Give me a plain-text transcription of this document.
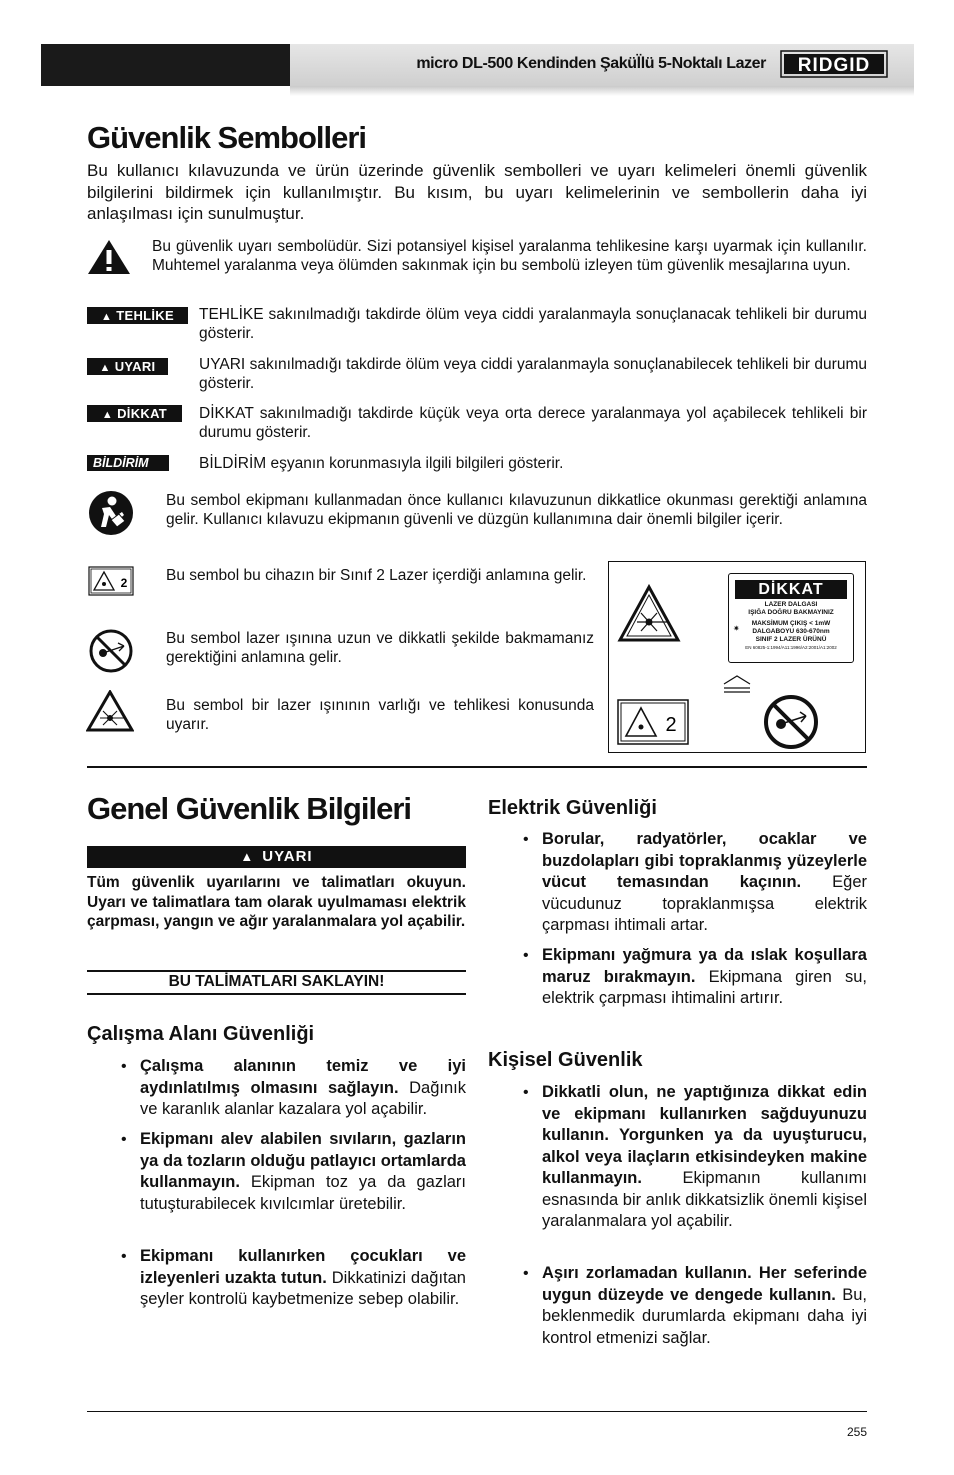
micro DL-500 Kendinden Şakül̈lü 5-Noktalı Lazer RIDGID
Güvenlik Sembolleri

Bu kullanıcı kılavuzunda ve ürün üzerinde güvenlik sembolleri ve uyarı kelimeleri önemli güvenlik bilgilerini bildirmek için kullanılmıştır. Bu kısım, bu uyarı kelimelerinin ve sembollerin daha iyi anlaşılması için sunulmuştur.

Bu güvenlik uyarı sembolüdür. Sizi potansiyel kişisel yaralanma tehlikesine karşı uyarmak için kullanılır. Muhtemel yaralanma veya ölümden sakınmak için bu sembolü izleyen tüm güvenlik mesajlarına uyun.

▲ TEHLİKE	TEHLİKE sakınılmadığı takdirde ölüm veya ciddi yaralanmayla sonuçlanacak tehlikeli bir durumu gösterir.

▲ UYARI	UYARI sakınılmadığı takdirde ölüm veya ciddi yaralanmayla sonuçlanabilecek tehlikeli bir durumu gösterir.

▲ DİKKAT	DİKKAT sakınılmadığı takdirde küçük veya orta derece yaralanmaya yol açabilecek tehlikeli bir durumu gösterir.

BİLDİRİM	BİLDİRİM eşyanın korunmasıyla ilgili bilgileri gösterir.

Bu sembol ekipmanı kullanmadan önce kullanıcı kılavuzunun dikkatlice okunması gerektiği anlamına gelir. Kullanıcı kılavuzu ekipmanın güvenli ve düzgün kullanımına dair önemli bilgiler içerir.

2 Bu sembol bu cihazın bir Sınıf 2 Lazer içerdiği anlamına gelir.

Bu sembol lazer ışınına uzun ve dikkatli şekilde bakmamanız gerektiğini anlamına gelir.

Bu sembol bir lazer ışınının varlığı ve tehlikesi konusunda uyarır.

DİKKAT
LAZER DALGASI
IŞIĞA DOĞRU BAKMAYINIZ
✷
MAKSİMUM ÇIKIŞ < 1mW
DALGABOYU 630-670nm
SINIF 2 LAZER ÜRÜNÜ
EN 60825-1:1994/A11:1996/A2:2001/A1:2002
2
Genel Güvenlik Bilgileri
▲ UYARI

Tüm güvenlik uyarılarını ve talimatları okuyun. Uyarı ve talimatlara tam olarak uyulmaması elektrik çarpması, yangın ve ağır yaralanmalara yol açabilir.

BU TALİMATLARI SAKLAYIN!
Çalışma Alanı Güvenliği
• Çalışma alanının temiz ve iyi aydınlatılmış olmasını sağlayın. Dağınık ve karanlık alanlar kazalara yol açabilir.

• Ekipmanı alev alabilen sıvıların, gazların ya da tozların olduğu patlayıcı ortamlarda kullanmayın. Ekipman toz ya da gazları tutuşturabilecek kıvılcımlar üretebilir.

• Ekipmanı kullanırken çocukları ve izleyenleri uzakta tutun. Dikkatinizi dağıtan şeyler kontrolü kaybetmenize sebep olabilir.

Elektrik Güvenliği
• Borular, radyatörler, ocaklar ve buzdolapları gibi topraklanmış yüzeylerle vücut temasından kaçının. Eğer vücudunuz topraklanmışsa elektrik çarpması ihtimali artar.

• Ekipmanı yağmura ya da ıslak koşullara maruz bırakmayın. Ekipmana giren su, elektrik çarpması ihtimalini artırır.

Kişisel Güvenlik
• Dikkatli olun, ne yaptığınıza dikkat edin ve ekipmanı kullanırken sağduyunuzu kullanın. Yorgunken ya da uyuşturucu, alkol veya ilaçların etkisindeyken makine kullanmayın. Ekipmanın kullanımı esnasında bir anlık dikkatsizlik önemli kişisel yaralanmalara yol açabilir.

• Aşırı zorlamadan kullanın. Her seferinde uygun düzeyde ve dengede kullanın. Bu, beklenmedik durumlarda ekipmanı daha iyi kontrol etmenizi sağlar.

255
